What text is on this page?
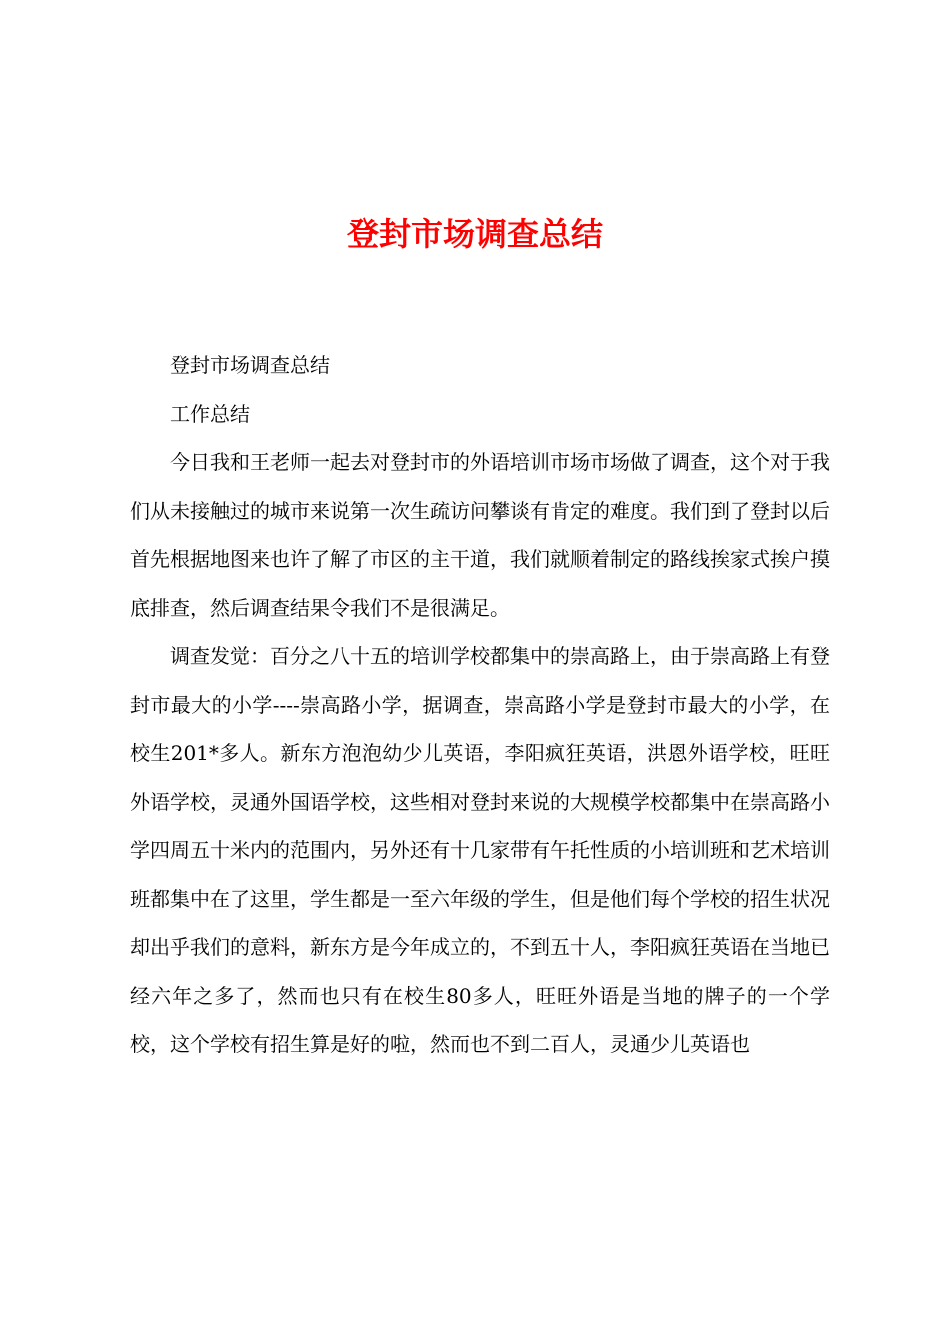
登封市场调查总结

登封市场调查总结

工作总结

今日我和王老师一起去对登封市的外语培训市场市场做了调查，这个对于我们从未接触过的城市来说第一次生疏访问攀谈有肯定的难度。我们到了登封以后首先根据地图来也许了解了市区的主干道，我们就顺着制定的路线挨家式挨户摸底排查，然后调查结果令我们不是很满足。

调查发觉：百分之八十五的培训学校都集中的崇高路上，由于崇高路上有登封市最大的小学----崇高路小学，据调查，崇高路小学是登封市最大的小学，在校生201*多人。新东方泡泡幼少儿英语，李阳疯狂英语，洪恩外语学校，旺旺外语学校，灵通外国语学校，这些相对登封来说的大规模学校都集中在崇高路小学四周五十米内的范围内，另外还有十几家带有午托性质的小培训班和艺术培训班都集中在了这里，学生都是一至六年级的学生，但是他们每个学校的招生状况却出乎我们的意料，新东方是今年成立的，不到五十人，李阳疯狂英语在当地已经六年之多了，然而也只有在校生80多人，旺旺外语是当地的牌子的一个学校，这个学校有招生算是好的啦，然而也不到二百人，灵通少儿英语也
